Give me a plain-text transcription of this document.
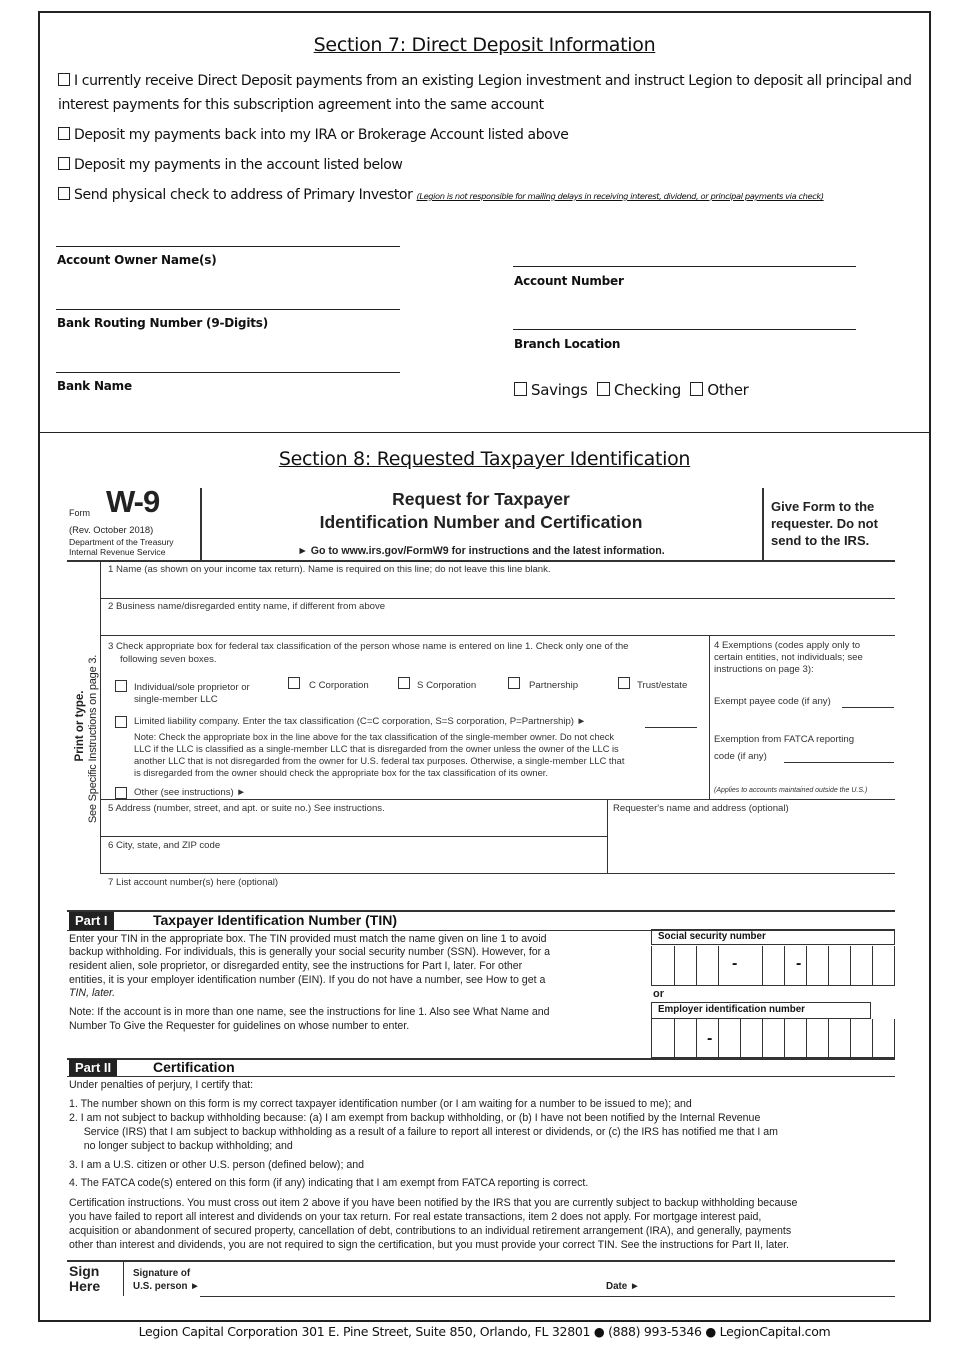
Section 7: Direct Deposit Information
I currently receive Direct Deposit payments from an existing Legion investment and instruct Legion to deposit all principal and
interest payments for this subscription agreement into the same account
Deposit my payments back into my IRA or Brokerage Account listed above
Deposit my payments in the account listed below
Send physical check to address of Primary Investor (Legion is not responsible for mailing delays in receiving interest, dividend, or principal payments via check)
Account Owner Name(s)
Bank Routing Number (9-Digits)
Bank Name
Account Number
Branch Location
Savings Checking Other
Section 8: Requested Taxpayer Identification
Form W-9
(Rev. October 2018)
Department of the Treasury
Internal Revenue Service
Request for Taxpayer
Identification Number and Certification
► Go to www.irs.gov/FormW9 for instructions and the latest information.
Give Form to the
requester. Do not
send to the IRS.
Print or type. See Specific Instructions on page 3.
1 Name (as shown on your income tax return). Name is required on this line; do not leave this line blank.
2 Business name/disregarded entity name, if different from above
3 Check appropriate box for federal tax classification of the person whose name is entered on line 1. Check only one of the
following seven boxes.
Individual/sole proprietor or
single-member LLC
C Corporation	S Corporation	Partnership	Trust/estate
Limited liability company. Enter the tax classification (C=C corporation, S=S corporation, P=Partnership) ►
Note: Check the appropriate box in the line above for the tax classification of the single-member owner. Do not check
LLC if the LLC is classified as a single-member LLC that is disregarded from the owner unless the owner of the LLC is
another LLC that is not disregarded from the owner for U.S. federal tax purposes. Otherwise, a single-member LLC that
is disregarded from the owner should check the appropriate box for the tax classification of its owner.
Other (see instructions) ►
4 Exemptions (codes apply only to
certain entities, not individuals; see
instructions on page 3):
Exempt payee code (if any)
Exemption from FATCA reporting
code (if any)
(Applies to accounts maintained outside the U.S.)
5 Address (number, street, and apt. or suite no.) See instructions.	Requester's name and address (optional)
6 City, state, and ZIP code
7 List account number(s) here (optional)
Part I	Taxpayer Identification Number (TIN)
Enter your TIN in the appropriate box. The TIN provided must match the name given on line 1 to avoid
backup withholding. For individuals, this is generally your social security number (SSN). However, for a
resident alien, sole proprietor, or disregarded entity, see the instructions for Part I, later. For other
entities, it is your employer identification number (EIN). If you do not have a number, see How to get a
TIN, later.
Note: If the account is in more than one name, see the instructions for line 1. Also see What Name and
Number To Give the Requester for guidelines on whose number to enter.
Social security number
-	-
or
Employer identification number
-
Part II	Certification
Under penalties of perjury, I certify that:
1. The number shown on this form is my correct taxpayer identification number (or I am waiting for a number to be issued to me); and
2. I am not subject to backup withholding because: (a) I am exempt from backup withholding, or (b) I have not been notified by the Internal Revenue
Service (IRS) that I am subject to backup withholding as a result of a failure to report all interest or dividends, or (c) the IRS has notified me that I am
no longer subject to backup withholding; and
3. I am a U.S. citizen or other U.S. person (defined below); and
4. The FATCA code(s) entered on this form (if any) indicating that I am exempt from FATCA reporting is correct.
Certification instructions. You must cross out item 2 above if you have been notified by the IRS that you are currently subject to backup withholding because
you have failed to report all interest and dividends on your tax return. For real estate transactions, item 2 does not apply. For mortgage interest paid,
acquisition or abandonment of secured property, cancellation of debt, contributions to an individual retirement arrangement (IRA), and generally, payments
other than interest and dividends, you are not required to sign the certification, but you must provide your correct TIN. See the instructions for Part II, later.
Sign
Here
Signature of
U.S. person ►	Date ►
Legion Capital Corporation 301 E. Pine Street, Suite 850, Orlando, FL 32801 ● (888) 993-5346 ● LegionCapital.com
